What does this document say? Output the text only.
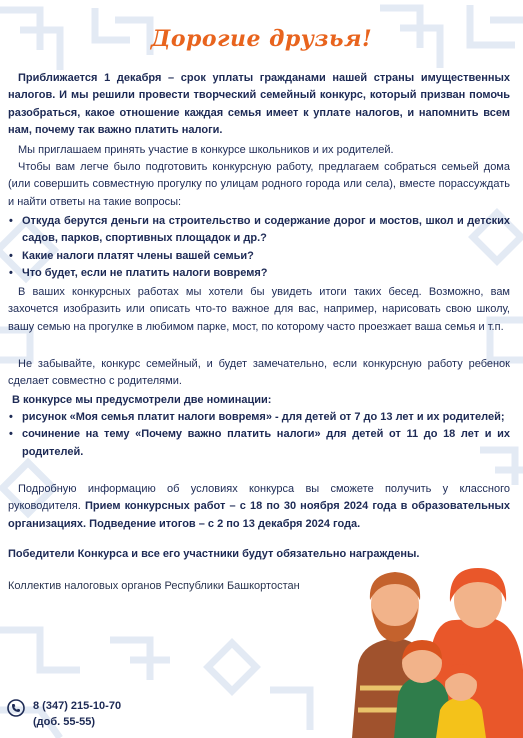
Дорогие друзья!
Приближается 1 декабря – срок уплаты гражданами нашей страны имущественных налогов. И мы решили провести творческий семейный конкурс, который призван помочь разобраться, какое отношение каждая семья имеет к уплате налогов, и напомнить всем нам, почему так важно платить налоги.
Мы приглашаем принять участие в конкурсе школьников и их родителей.
Чтобы вам легче было подготовить конкурсную работу, предлагаем собраться семьей дома (или совершить совместную прогулку по улицам родного города или села), вместе порассуждать и найти ответы на такие вопросы:
• Откуда берутся деньги на строительство и содержание дорог и мостов, школ и детских садов, парков, спортивных площадок и др.?
• Какие налоги платят члены вашей семьи?
• Что будет, если не платить налоги вовремя?
В ваших конкурсных работах мы хотели бы увидеть итоги таких бесед. Возможно, вам захочется изобразить или описать что-то важное для вас, например, нарисовать свою школу, вашу семью на прогулке в любимом парке, мост, по которому часто проезжает ваша семья и т.п.
Не забывайте, конкурс семейный, и будет замечательно, если конкурсную работу ребенок сделает совместно с родителями.
В конкурсе мы предусмотрели две номинации:
• рисунок «Моя семья платит налоги вовремя» - для детей от 7 до 13 лет и их родителей;
• сочинение на тему «Почему важно платить налоги» для детей от 11 до 18 лет и их родителей.
Подробную информацию об условиях конкурса вы сможете получить у классного руководителя. Прием конкурсных работ – с 18 по 30 ноября 2024 года в образовательных организациях. Подведение итогов – с 2 по 13 декабря 2024 года.
Победители Конкурса и все его участники будут обязательно награждены.
Коллектив налоговых органов Республики Башкортостан
8 (347) 215-10-70
(доб. 55-55)
